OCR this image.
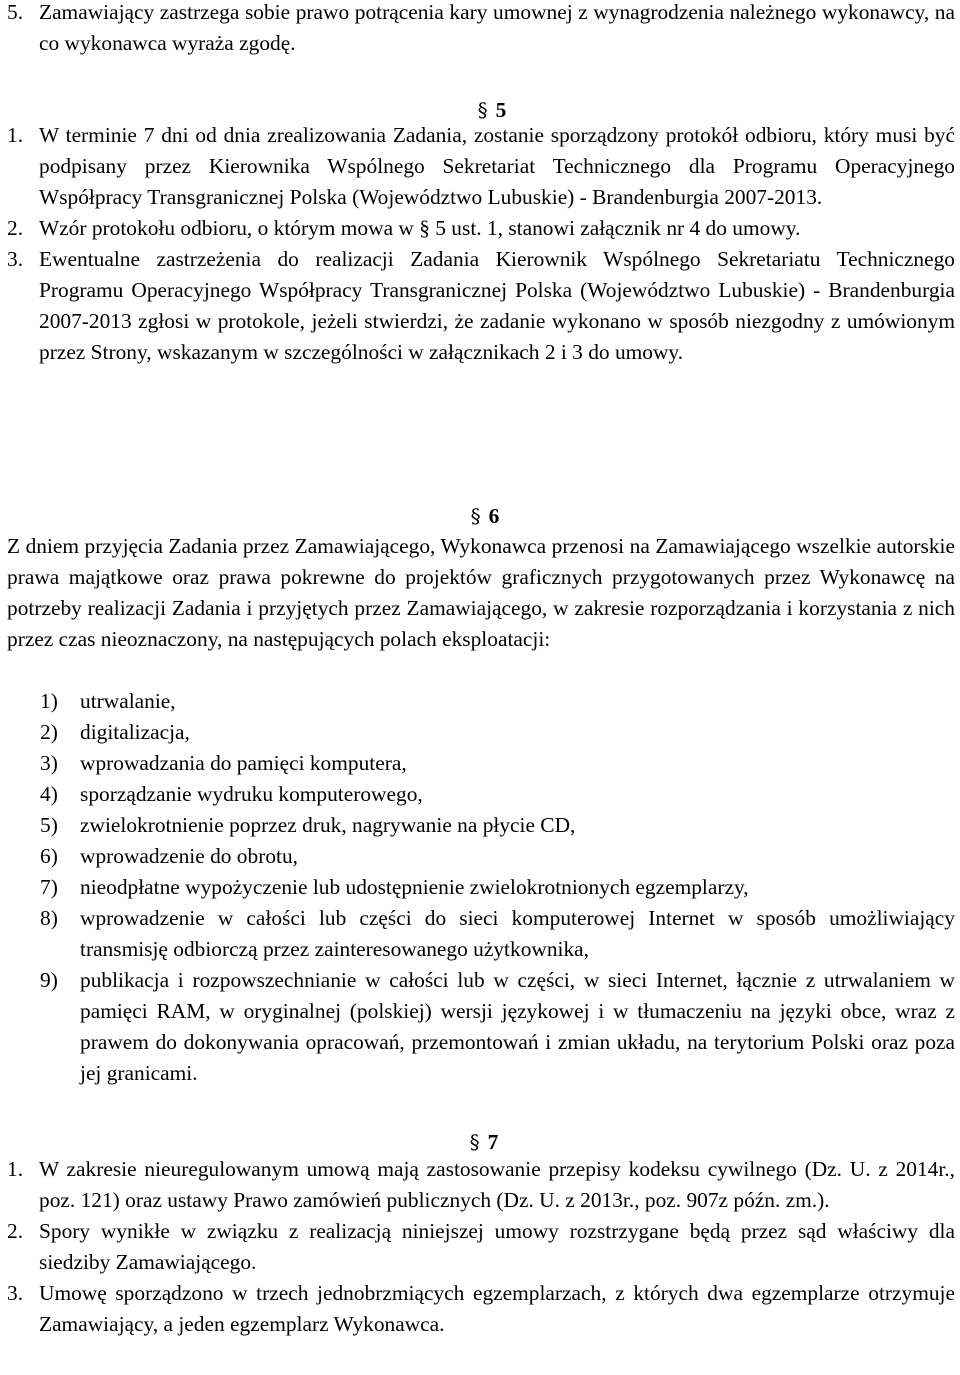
5. Zamawiający zastrzega sobie prawo potrącenia kary umownej z wynagrodzenia należnego wykonawcy, na co wykonawca wyraża zgodę.
§ 5
1. W terminie 7 dni od dnia zrealizowania Zadania, zostanie sporządzony protokół odbioru, który musi być podpisany przez Kierownika Wspólnego Sekretariat Technicznego dla Programu Operacyjnego Współpracy Transgranicznej Polska (Województwo Lubuskie) - Brandenburgia 2007-2013.
2. Wzór protokołu odbioru, o którym mowa w § 5 ust. 1, stanowi załącznik nr 4 do umowy.
3. Ewentualne zastrzeżenia do realizacji Zadania Kierownik Wspólnego Sekretariatu Technicznego Programu Operacyjnego Współpracy Transgranicznej Polska (Województwo Lubuskie) - Brandenburgia 2007-2013 zgłosi w protokole, jeżeli stwierdzi, że zadanie wykonano w sposób niezgodny z umówionym przez Strony, wskazanym w szczególności w załącznikach 2 i 3 do umowy.
§ 6
Z dniem przyjęcia Zadania przez Zamawiającego, Wykonawca przenosi na Zamawiającego wszelkie autorskie prawa majątkowe oraz prawa pokrewne do projektów graficznych przygotowanych przez Wykonawcę na potrzeby realizacji Zadania i przyjętych przez Zamawiającego, w zakresie rozporządzania i korzystania z nich przez czas nieoznaczony, na następujących polach eksploatacji:
1)	utrwalanie,
2)	digitalizacja,
3)	wprowadzania do pamięci komputera,
4)	sporządzanie wydruku komputerowego,
5)	zwielokrotnienie poprzez druk, nagrywanie na płycie CD,
6)	wprowadzenie do obrotu,
7)	nieodpłatne wypożyczenie lub udostępnienie zwielokrotnionych egzemplarzy,
8)	wprowadzenie w całości lub części do sieci komputerowej Internet w sposób umożliwiający transmisję odbiorczą przez zainteresowanego użytkownika,
9)	publikacja i rozpowszechnianie w całości lub w części, w sieci Internet, łącznie z utrwalaniem w pamięci RAM, w oryginalnej (polskiej) wersji językowej i w tłumaczeniu na języki obce, wraz z prawem do dokonywania opracowań, przemontowań i zmian układu, na terytorium Polski oraz poza jej granicami.
§ 7
1. W zakresie nieuregulowanym umową mają zastosowanie przepisy kodeksu cywilnego (Dz. U. z 2014r., poz. 121) oraz ustawy Prawo zamówień publicznych (Dz. U. z 2013r., poz. 907z późn. zm.).
2. Spory wynikłe w związku z realizacją niniejszej umowy rozstrzygane będą przez sąd właściwy dla siedziby Zamawiającego.
3. Umowę sporządzono w trzech jednobrzmiących egzemplarzach, z których dwa egzemplarze otrzymuje Zamawiający, a jeden egzemplarz Wykonawca.
